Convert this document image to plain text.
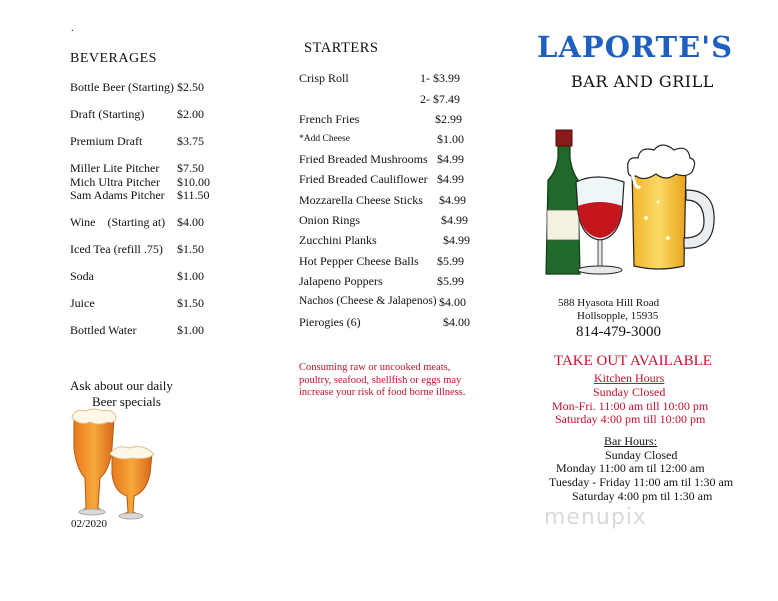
.
BEVERAGES
Bottle Beer (Starting) $2.50
Draft (Starting)	$2.00
Premium Draft	$3.75
Miller Lite Pitcher $7.50
Mich Ultra Pitcher $10.00
Sam Adams Pitcher $11.50
Wine    (Starting at) $4.00
Iced Tea (refill .75) $1.50
Soda	$1.00
Juice	$1.50
Bottled Water	$1.00
Ask about our daily
Beer specials
02/2020
STARTERS
Crisp Roll	1- $3.99
2- $7.49
French Fries	$2.99
*Add Cheese	$1.00
Fried Breaded Mushrooms $4.99
Fried Breaded Cauliflower $4.99
Mozzarella Cheese Sticks $4.99
Onion Rings	$4.99
Zucchini Planks	$4.99
Hot Pepper Cheese Balls $5.99
Jalapeno Poppers	$5.99
Nachos (Cheese & Jalapenos) $4.00
Pierogies (6)	$4.00
Consuming raw or uncooked meats,
poultry, seafood, shellfish or eggs may
increase your risk of food borne illness.
LAPORTE'S
BAR AND GRILL
588 Hyasota Hill Road
Hollsopple, 15935
814-479-3000
TAKE OUT AVAILABLE
Kitchen Hours
Sunday Closed
Mon-Fri. 11:00 am till 10:00 pm
Saturday 4:00 pm till 10:00 pm
Bar Hours:
Sunday Closed
Monday 11:00 am til 12:00 am
Tuesday - Friday 11:00 am til 1:30 am
Saturday 4:00 pm til 1:30 am
menupix
